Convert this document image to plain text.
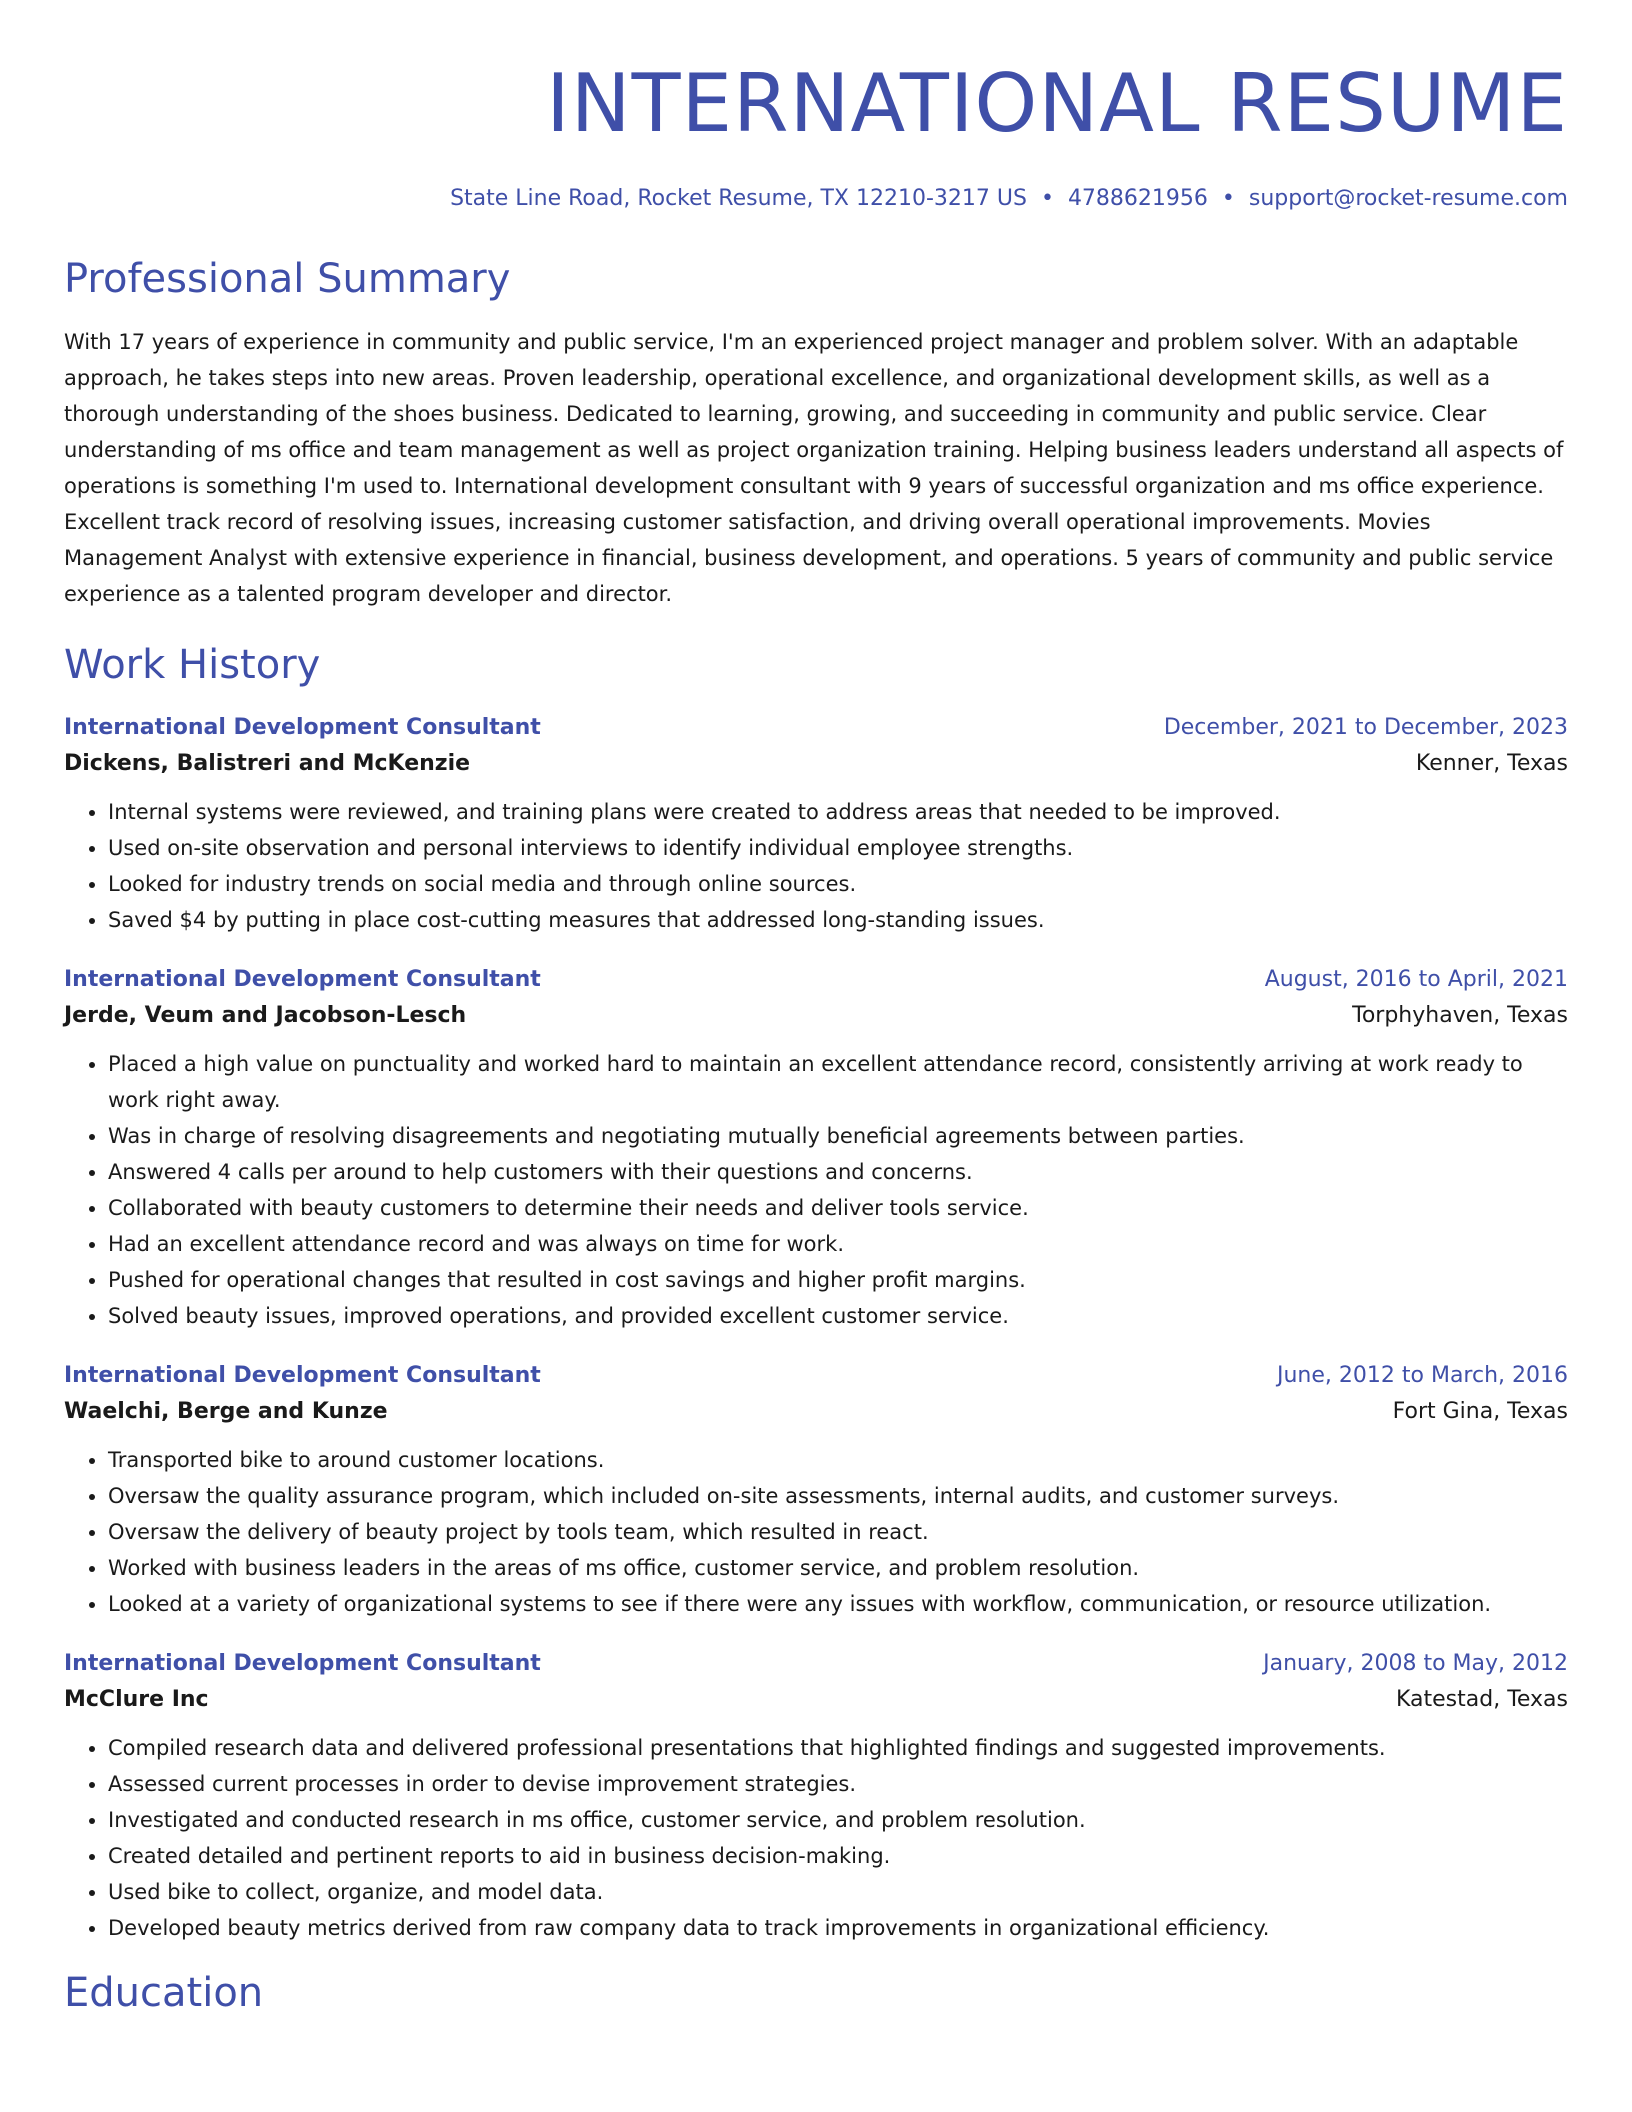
INTERNATIONAL RESUME
State Line Road, Rocket Resume, TX 12210-3217 US • 4788621956 • support@rocket-resume.com
Professional Summary

With 17 years of experience in community and public service, I'm an experienced project manager and problem solver. With an adaptable approach, he takes steps into new areas. Proven leadership, operational excellence, and organizational development skills, as well as a thorough understanding of the shoes business. Dedicated to learning, growing, and succeeding in community and public service. Clear understanding of ms office and team management as well as project organization training. Helping business leaders understand all aspects of operations is something I'm used to. International development consultant with 9 years of successful organization and ms office experience. Excellent track record of resolving issues, increasing customer satisfaction, and driving overall operational improvements. Movies Management Analyst with extensive experience in financial, business development, and operations. 5 years of community and public service experience as a talented program developer and director.

Work History
International Development Consultant	December, 2021 to December, 2023
Dickens, Balistreri and McKenzie	Kenner, Texas
• Internal systems were reviewed, and training plans were created to address areas that needed to be improved.
• Used on-site observation and personal interviews to identify individual employee strengths.
• Looked for industry trends on social media and through online sources.
• Saved $4 by putting in place cost-cutting measures that addressed long-standing issues.
International Development Consultant	August, 2016 to April, 2021
Jerde, Veum and Jacobson-Lesch	Torphyhaven, Texas
• Placed a high value on punctuality and worked hard to maintain an excellent attendance record, consistently arriving at work ready to work right away.
• Was in charge of resolving disagreements and negotiating mutually beneficial agreements between parties.
• Answered 4 calls per around to help customers with their questions and concerns.
• Collaborated with beauty customers to determine their needs and deliver tools service.
• Had an excellent attendance record and was always on time for work.
• Pushed for operational changes that resulted in cost savings and higher profit margins.
• Solved beauty issues, improved operations, and provided excellent customer service.
International Development Consultant	June, 2012 to March, 2016
Waelchi, Berge and Kunze	Fort Gina, Texas
• Transported bike to around customer locations.
• Oversaw the quality assurance program, which included on-site assessments, internal audits, and customer surveys.
• Oversaw the delivery of beauty project by tools team, which resulted in react.
• Worked with business leaders in the areas of ms office, customer service, and problem resolution.
• Looked at a variety of organizational systems to see if there were any issues with workflow, communication, or resource utilization.
International Development Consultant	January, 2008 to May, 2012
McClure Inc	Katestad, Texas
• Compiled research data and delivered professional presentations that highlighted findings and suggested improvements.
• Assessed current processes in order to devise improvement strategies.
• Investigated and conducted research in ms office, customer service, and problem resolution.
• Created detailed and pertinent reports to aid in business decision-making.
• Used bike to collect, organize, and model data.
• Developed beauty metrics derived from raw company data to track improvements in organizational efficiency.
Education
